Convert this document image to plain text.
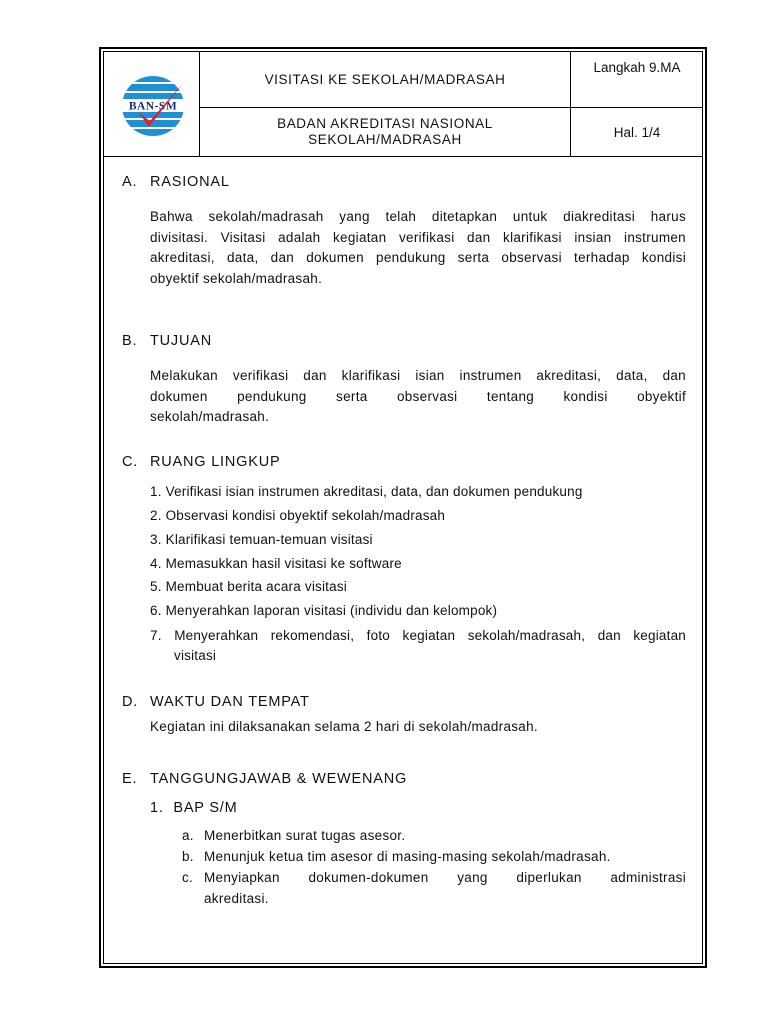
BAN-SM
VISITASI KE SEKOLAH/MADRASAH
BADAN AKREDITASI NASIONAL
SEKOLAH/MADRASAH
Langkah 9.MA
Hal. 1/4
A. RASIONAL
Bahwa sekolah/madrasah yang telah ditetapkan untuk diakreditasi harus
divisitasi. Visitasi adalah kegiatan verifikasi dan klarifikasi insian instrumen
akreditasi, data, dan dokumen pendukung serta observasi terhadap kondisi
obyektif sekolah/madrasah.
B. TUJUAN
Melakukan verifikasi dan klarifikasi isian instrumen akreditasi, data, dan
dokumen pendukung serta observasi tentang kondisi obyektif
sekolah/madrasah.
C. RUANG LINGKUP
1. Verifikasi isian instrumen akreditasi, data, dan dokumen pendukung
2. Observasi kondisi obyektif sekolah/madrasah
3. Klarifikasi temuan-temuan visitasi
4. Memasukkan hasil visitasi ke software
5. Membuat berita acara visitasi
6. Menyerahkan laporan visitasi (individu dan kelompok)
7. Menyerahkan rekomendasi, foto kegiatan sekolah/madrasah, dan kegiatan
visitasi
D. WAKTU DAN TEMPAT
Kegiatan ini dilaksanakan selama 2 hari di sekolah/madrasah.
E. TANGGUNGJAWAB & WEWENANG
1.  BAP S/M
a. Menerbitkan surat tugas asesor.
b. Menunjuk ketua tim asesor di masing-masing sekolah/madrasah.
c. Menyiapkan dokumen-dokumen yang diperlukan administrasi
akreditasi.
